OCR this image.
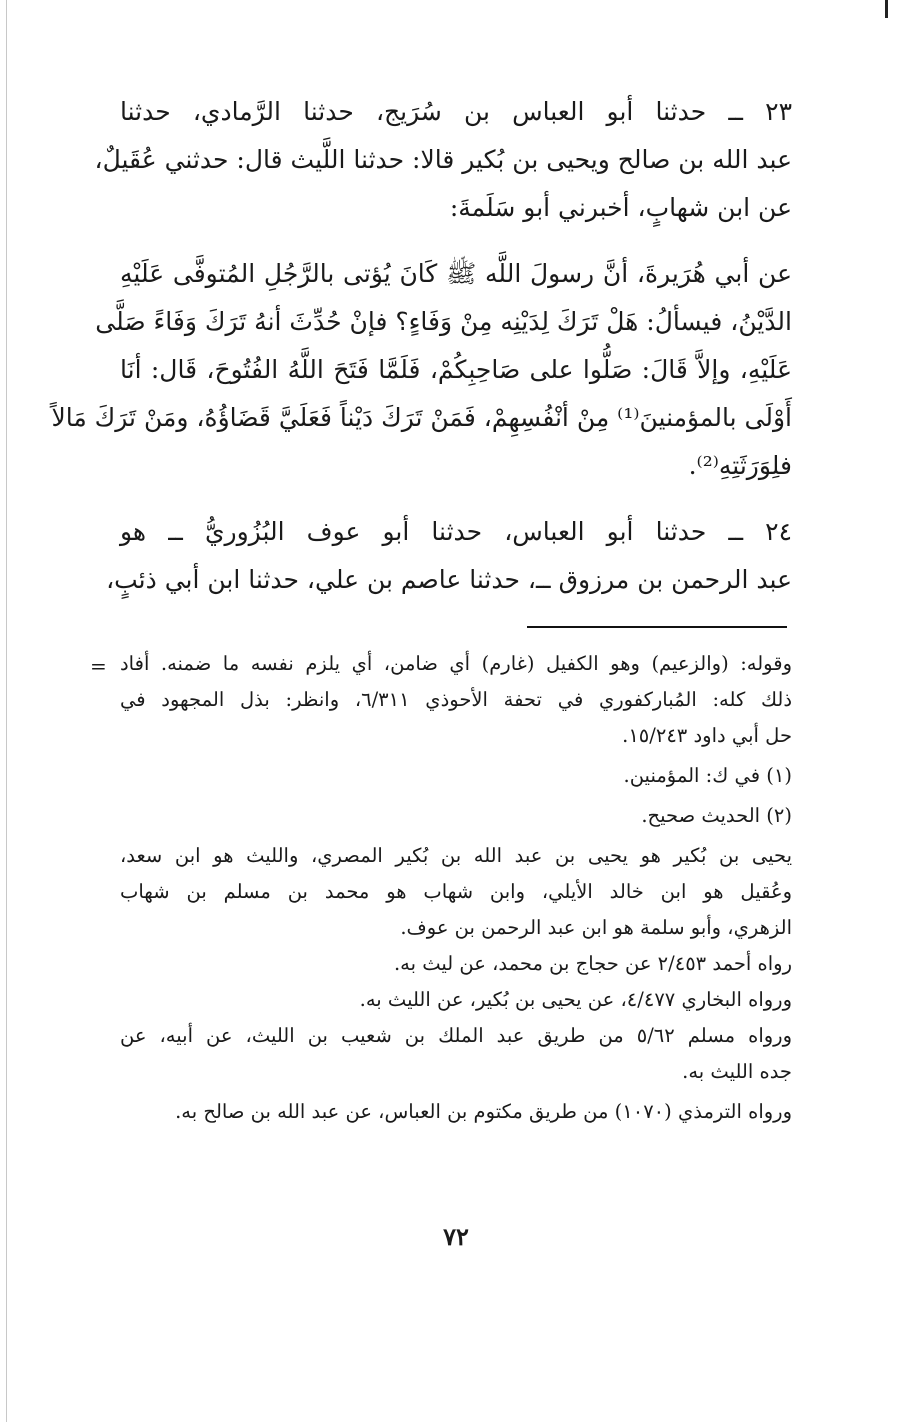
٢٣ ــ حدثنا أبو العباس بن سُرَيج، حدثنا الرَّمادي، حدثنا
عبد الله بن صالح ويحيى بن بُكير قالا: حدثنا اللَّيث قال: حدثني عُقَيلٌ،
عن ابن شهابٍ، أخبرني أبو سَلَمةَ:
عن أبي هُرَيرةَ، أنَّ رسولَ اللَّه ﷺ كَانَ يُؤتى بالرَّجُلِ المُتوفَّى عَلَيْهِ
الدَّيْنُ، فيسألُ: هَلْ تَرَكَ لِدَيْنِه مِنْ وَفَاءٍ؟ فإنْ حُدِّثَ أنهُ تَرَكَ وَفَاءً صَلَّى
عَلَيْهِ، وإلاَّ قَالَ: صَلُّوا على صَاحِبِكُمْ، فَلَمَّا فَتَحَ اللَّهُ الفُتُوحَ، قَال: أنَا
أَوْلَى بالمؤمنينَ⁽¹⁾ مِنْ أنْفُسِهِمْ، فَمَنْ تَرَكَ دَيْناً فَعَلَيَّ قَضَاؤُهُ، ومَنْ تَرَكَ مَالاً
فلِوَرَثَتِهِ⁽²⁾.
٢٤ ــ حدثنا أبو العباس، حدثنا أبو عوف البُزُوريُّ ــ هو
عبد الرحمن بن مرزوق ــ، حدثنا عاصم بن علي، حدثنا ابن أبي ذئبٍ،
= وقوله: (والزعيم) وهو الكفيل (غارم) أي ضامن، أي يلزم نفسه ما ضمنه. أفاد
ذلك كله: المُباركفوري في تحفة الأحوذي ٦/٣١١، وانظر: بذل المجهود في
حل أبي داود ١٥/٢٤٣.
(١) في ك: المؤمنين.
(٢) الحديث صحيح.
يحيى بن بُكير هو يحيى بن عبد الله بن بُكير المصري، والليث هو ابن سعد،
وعُقيل هو ابن خالد الأيلي، وابن شهاب هو محمد بن مسلم بن شهاب
الزهري، وأبو سلمة هو ابن عبد الرحمن بن عوف.
رواه أحمد ٢/٤٥٣ عن حجاج بن محمد، عن ليث به.
ورواه البخاري ٤/٤٧٧، عن يحيى بن بُكير، عن الليث به.
ورواه مسلم ٥/٦٢ من طريق عبد الملك بن شعيب بن الليث، عن أبيه، عن
جده الليث به.
ورواه الترمذي (١٠٧٠) من طريق مكتوم بن العباس، عن عبد الله بن صالح به.
٧٢
